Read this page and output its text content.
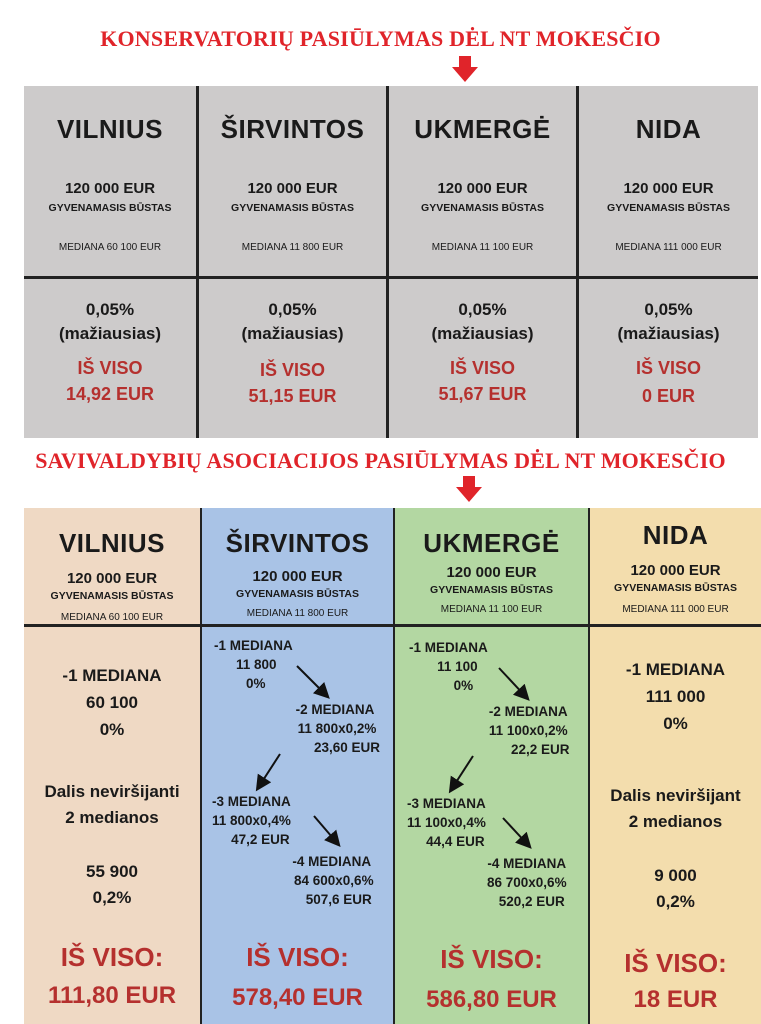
KONSERVATORIŲ PASIŪLYMAS DĖL NT MOKESČIO
VILNIUS
120 000 EUR
GYVENAMASIS BŪSTAS
MEDIANA 60 100 EUR
0,05%
(mažiausias)
IŠ VISO
14,92 EUR
ŠIRVINTOS
120 000 EUR
GYVENAMASIS BŪSTAS
MEDIANA 11 800 EUR
0,05%
(mažiausias)
IŠ VISO
51,15 EUR
UKMERGĖ
120 000 EUR
GYVENAMASIS BŪSTAS
MEDIANA 11 100 EUR
0,05%
(mažiausias)
IŠ VISO
51,67 EUR
NIDA
120 000 EUR
GYVENAMASIS BŪSTAS
MEDIANA 111 000 EUR
0,05%
(mažiausias)
IŠ VISO
0 EUR
SAVIVALDYBIŲ ASOCIACIJOS PASIŪLYMAS DĖL NT MOKESČIO
VILNIUS
120 000 EUR
GYVENAMASIS BŪSTAS
MEDIANA 60 100 EUR
-1 MEDIANA
60 100
0%
Dalis neviršijanti
2 medianos
55 900
0,2%
IŠ VISO:
111,80 EUR
ŠIRVINTOS
120 000 EUR
GYVENAMASIS BŪSTAS
MEDIANA 11 800 EUR
-1 MEDIANA
11 800
0%
-2 MEDIANA
11 800x0,2%
23,60 EUR
-3 MEDIANA
11 800x0,4%
47,2 EUR
-4 MEDIANA
84 600x0,6%
507,6 EUR
IŠ VISO:
578,40 EUR
UKMERGĖ
120 000 EUR
GYVENAMASIS BŪSTAS
MEDIANA 11 100 EUR
-1 MEDIANA
11 100
0%
-2 MEDIANA
11 100x0,2%
22,2 EUR
-3 MEDIANA
11 100x0,4%
44,4 EUR
-4 MEDIANA
86 700x0,6%
520,2 EUR
IŠ VISO:
586,80 EUR
NIDA
120 000 EUR
GYVENAMASIS BŪSTAS
MEDIANA 111 000 EUR
-1 MEDIANA
111 000
0%
Dalis neviršijant
2 medianos
9 000
0,2%
IŠ VISO:
18 EUR
